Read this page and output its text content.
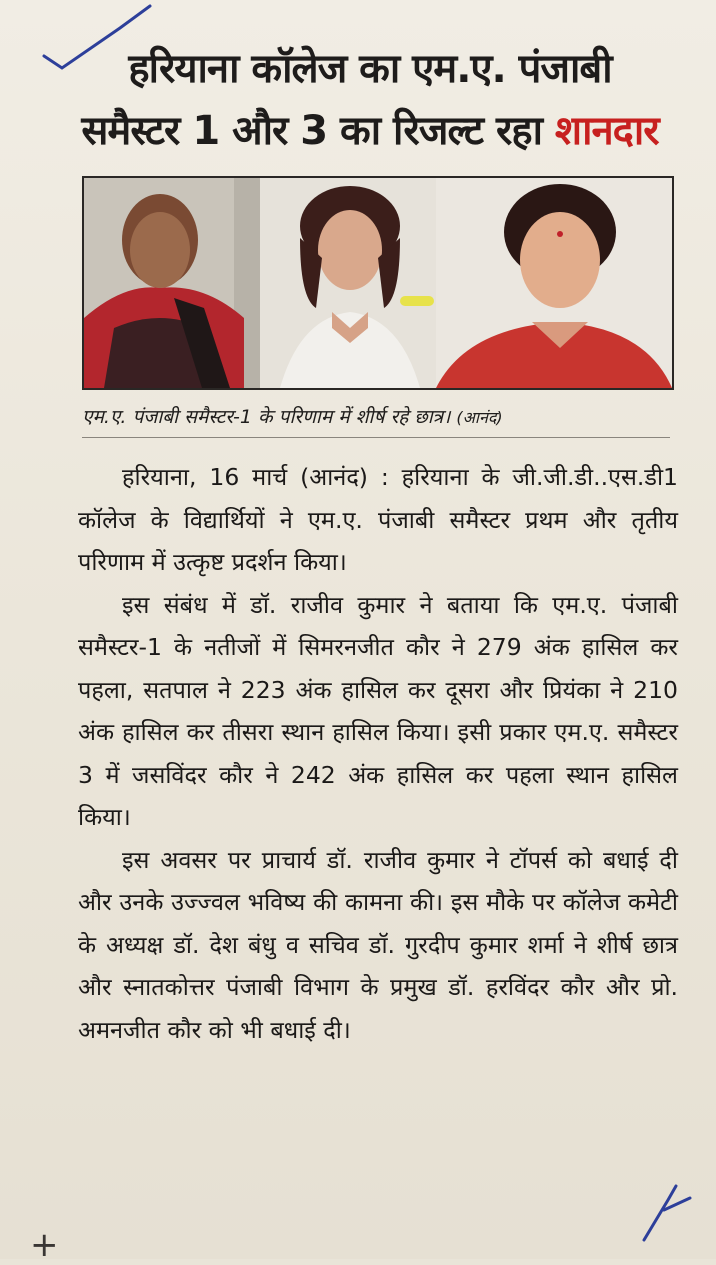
हरियाना कॉलेज का एम.ए. पंजाबी
समैस्टर 1 और 3 का रिजल्ट रहा शानदार
एम.ए. पंजाबी समैस्टर-1 के परिणाम में शीर्ष रहे छात्र। (आनंद)

हरियाना, 16 मार्च (आनंद) : हरियाना के जी.जी.डी..एस.डी1 कॉलेज के विद्यार्थियों ने एम.ए. पंजाबी समैस्टर प्रथम और तृतीय परिणाम में उत्कृष्ट प्रदर्शन किया।

इस संबंध में डॉ. राजीव कुमार ने बताया कि एम.ए. पंजाबी समैस्टर-1 के नतीजों में सिमरनजीत कौर ने 279 अंक हासिल कर पहला, सतपाल ने 223 अंक हासिल कर दूसरा और प्रियंका ने 210 अंक हासिल कर तीसरा स्थान हासिल किया। इसी प्रकार एम.ए. समैस्टर 3 में जसविंदर कौर ने 242 अंक हासिल कर पहला स्थान हासिल किया।

इस अवसर पर प्राचार्य डॉ. राजीव कुमार ने टॉपर्स को बधाई दी और उनके उज्ज्वल भविष्य की कामना की। इस मौके पर कॉलेज कमेटी के अध्यक्ष डॉ. देश बंधु व सचिव डॉ. गुरदीप कुमार शर्मा ने शीर्ष छात्र और स्नातकोत्तर पंजाबी विभाग के प्रमुख डॉ. हरविंदर कौर और प्रो. अमनजीत कौर को भी बधाई दी।

+
